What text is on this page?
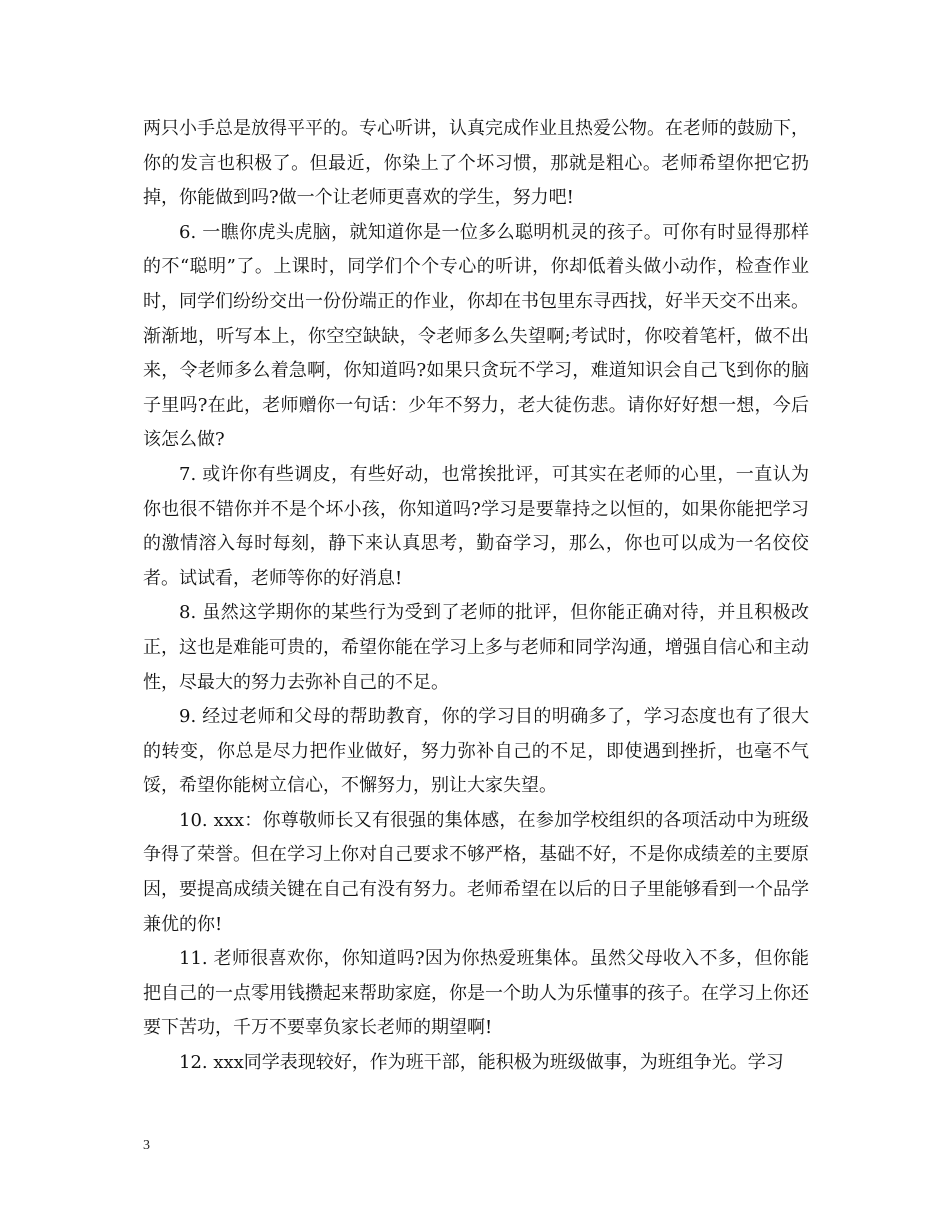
两只小手总是放得平平的。专心听讲，认真完成作业且热爱公物。在老师的鼓励下，你的发言也积极了。但最近，你染上了个坏习惯，那就是粗心。老师希望你把它扔掉，你能做到吗?做一个让老师更喜欢的学生，努力吧!

6. 一瞧你虎头虎脑，就知道你是一位多么聪明机灵的孩子。可你有时显得那样的不“聪明”了。上课时，同学们个个专心的听讲，你却低着头做小动作，检查作业时，同学们纷纷交出一份份端正的作业，你却在书包里东寻西找，好半天交不出来。渐渐地，听写本上，你空空缺缺，令老师多么失望啊;考试时，你咬着笔杆，做不出来，令老师多么着急啊，你知道吗?如果只贪玩不学习，难道知识会自己飞到你的脑子里吗?在此，老师赠你一句话：少年不努力，老大徒伤悲。请你好好想一想，今后该怎么做?

7. 或许你有些调皮，有些好动，也常挨批评，可其实在老师的心里，一直认为你也很不错你并不是个坏小孩，你知道吗?学习是要靠持之以恒的，如果你能把学习的激情溶入每时每刻，静下来认真思考，勤奋学习，那么，你也可以成为一名佼佼者。试试看，老师等你的好消息!

8. 虽然这学期你的某些行为受到了老师的批评，但你能正确对待，并且积极改正，这也是难能可贵的，希望你能在学习上多与老师和同学沟通，增强自信心和主动性，尽最大的努力去弥补自己的不足。

9. 经过老师和父母的帮助教育，你的学习目的明确多了，学习态度也有了很大的转变，你总是尽力把作业做好，努力弥补自己的不足，即使遇到挫折，也毫不气馁，希望你能树立信心，不懈努力，别让大家失望。

10. xxx：你尊敬师长又有很强的集体感，在参加学校组织的各项活动中为班级争得了荣誉。但在学习上你对自己要求不够严格，基础不好，不是你成绩差的主要原因，要提高成绩关键在自己有没有努力。老师希望在以后的日子里能够看到一个品学兼优的你!

11. 老师很喜欢你，你知道吗?因为你热爱班集体。虽然父母收入不多，但你能把自己的一点零用钱攒起来帮助家庭，你是一个助人为乐懂事的孩子。在学习上你还要下苦功，千万不要辜负家长老师的期望啊!

12. xxx同学表现较好，作为班干部，能积极为班级做事，为班组争光。学习

3
